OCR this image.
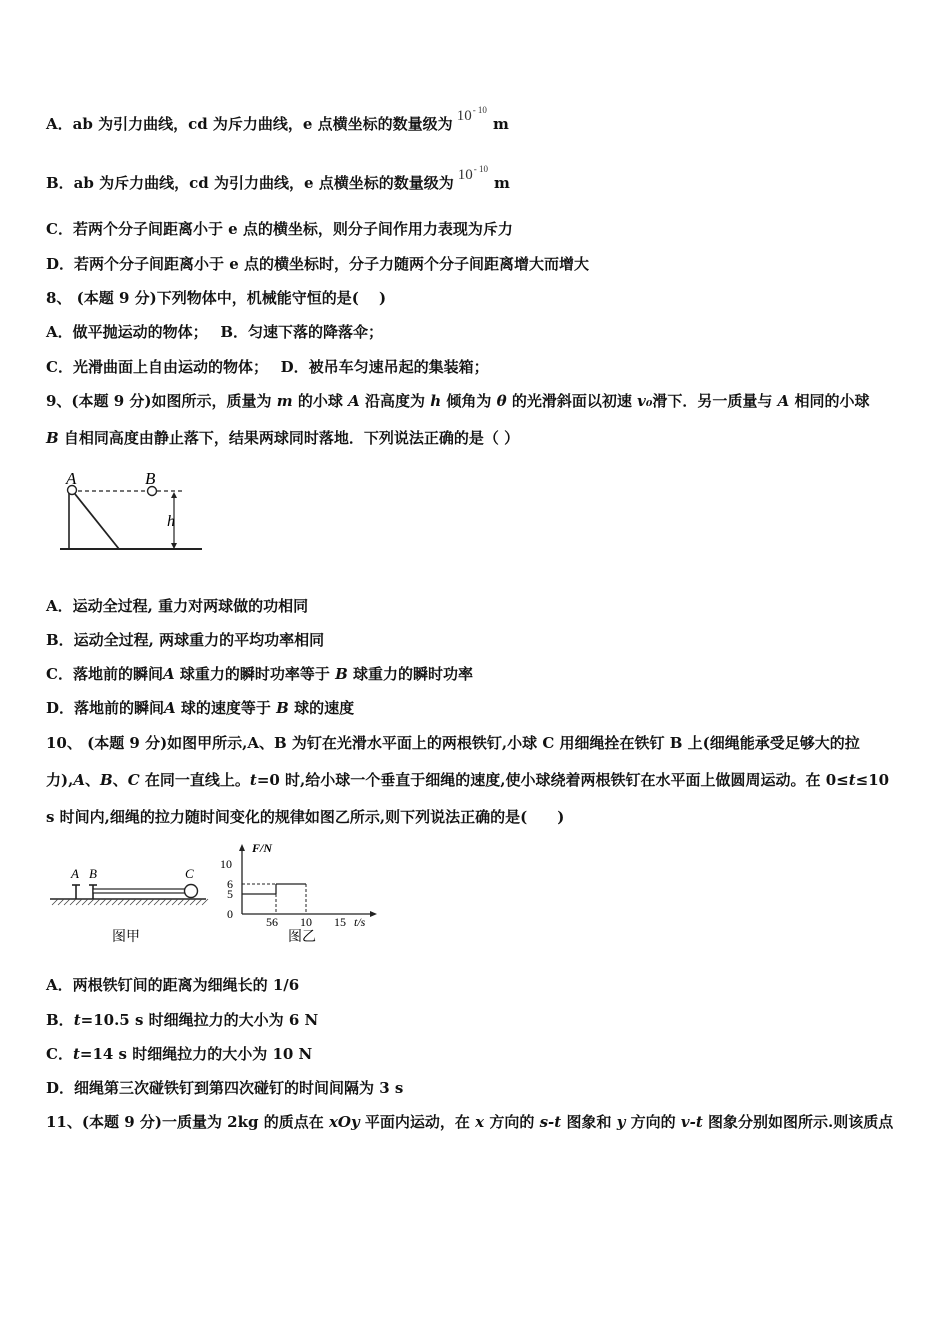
A．ab 为引力曲线，cd 为斥力曲线，e 点横坐标的数量级为 $10^{- 10}m$
B．ab 为斥力曲线，cd 为引力曲线，e 点横坐标的数量级为 $10^{- 10}m$
C．若两个分子间距离小于 e 点的横坐标，则分子间作用力表现为斥力
D．若两个分子间距离小于 e 点的横坐标时，分子力随两个分子间距离增大而增大
8、 (本题 9 分)下列物体中，机械能守恒的是(　 )
A．做平抛运动的物体；　 B．匀速下落的降落伞；
C．光滑曲面上自由运动的物体；　 D．被吊车匀速吊起的集装箱；
9、(本题 9 分)如图所示，质量为 m 的小球 A 沿高度为 h 倾角为 θ 的光滑斜面以初速 v₀滑下．另一质量与 A 相同的小球
B 自相同高度由静止落下，结果两球同时落地．下列说法正确的是（ ）
A	B
h
A．运动全过程, 重力对两球做的功相同
B．运动全过程, 两球重力的平均功率相同
C．落地前的瞬间A 球重力的瞬时功率等于 B 球重力的瞬时功率
D．落地前的瞬间A 球的速度等于 B 球的速度
10、 (本题 9 分)如图甲所示,A、B 为钉在光滑水平面上的两根铁钉,小球 C 用细绳拴在铁钉 B 上(细绳能承受足够大的拉
力),A、B、C 在同一直线上。t=0 时,给小球一个垂直于细绳的速度,使小球绕着两根铁钉在水平面上做圆周运动。在 0≤t≤10
s 时间内,细绳的拉力随时间变化的规律如图乙所示,则下列说法正确的是(　　)
A B	C
图甲
F/N
10
6
5
0
56 10 15 t/s
图乙
A．两根铁钉间的距离为细绳长的 1/6
B．t=10.5 s 时细绳拉力的大小为 6 N
C．t=14 s 时细绳拉力的大小为 10 N
D．细绳第三次碰铁钉到第四次碰钉的时间间隔为 3 s
11、(本题 9 分)一质量为 2kg 的质点在 xOy 平面内运动，在 x 方向的 s-t 图象和 y 方向的 v-t 图象分别如图所示.则该质点
